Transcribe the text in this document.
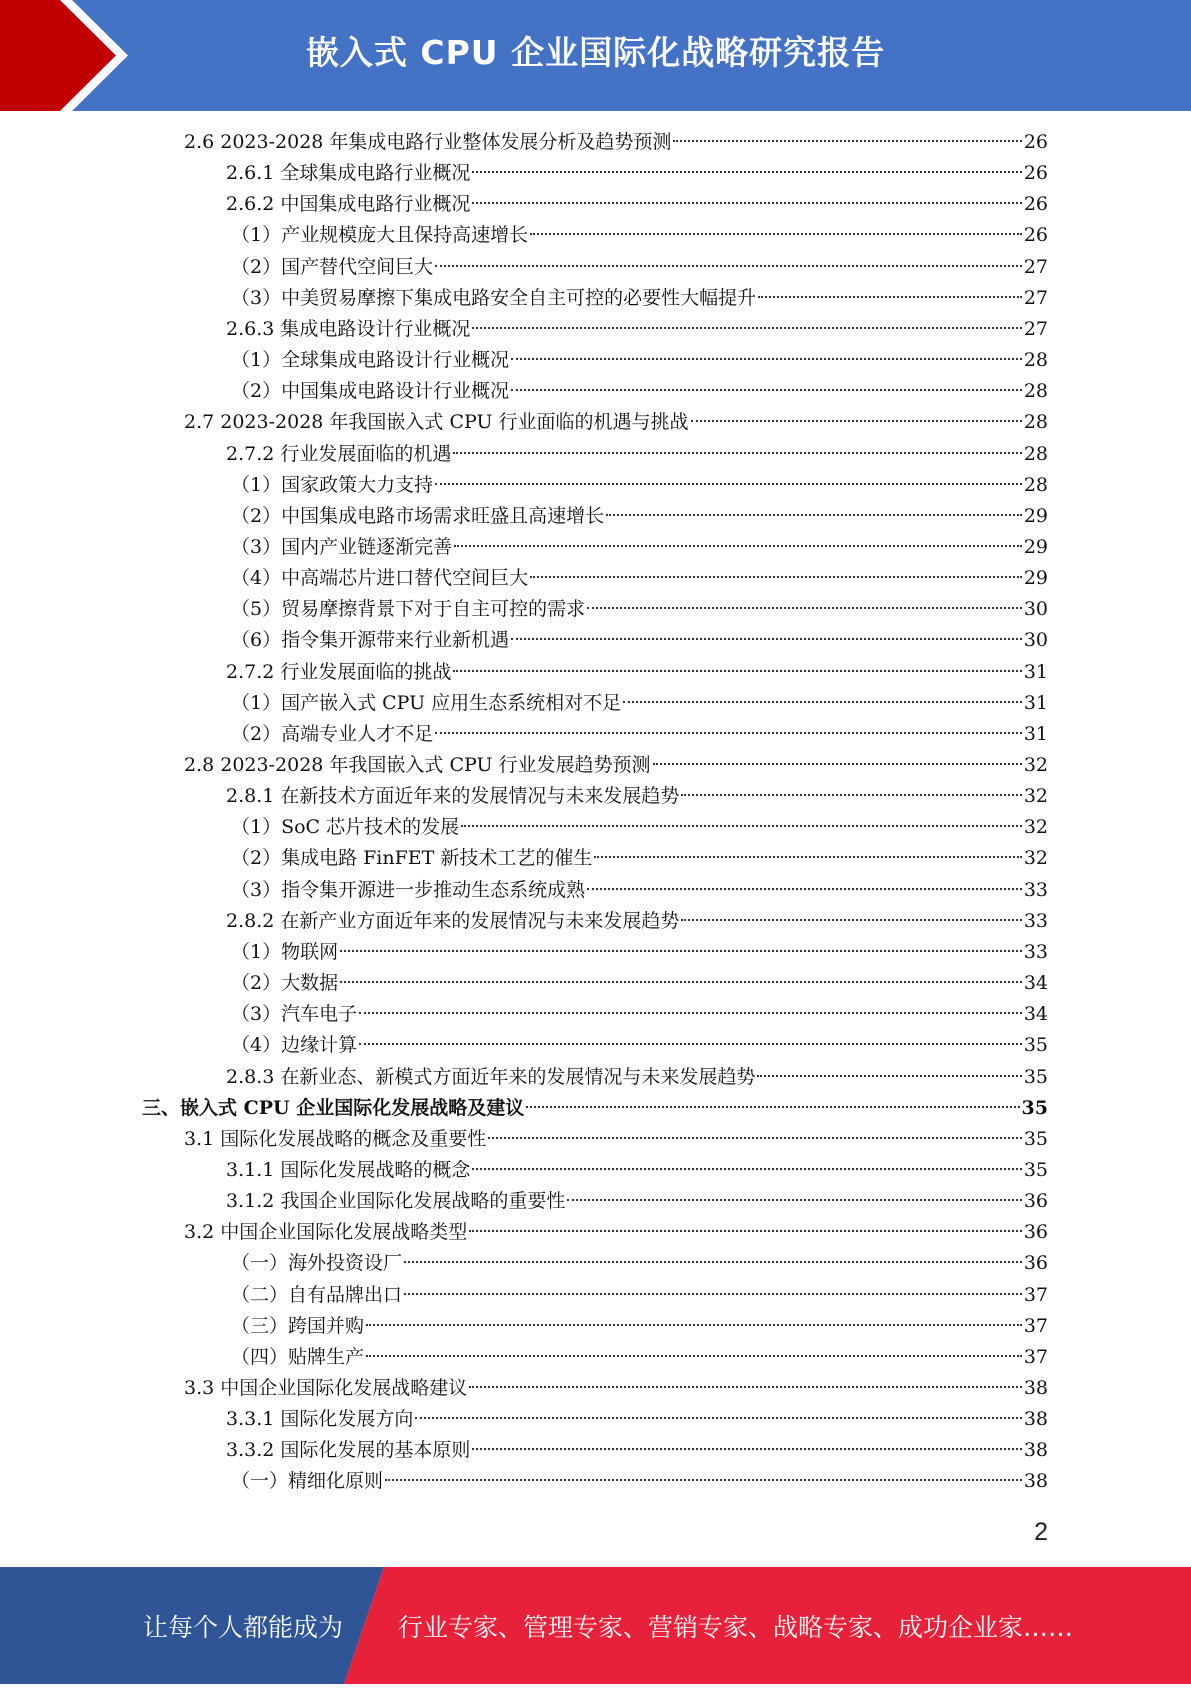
嵌入式 CPU 企业国际化战略研究报告
2.6 2023-2028 年集成电路行业整体发展分析及趋势预测	26
2.6.1 全球集成电路行业概况	26
2.6.2 中国集成电路行业概况	26
（1）产业规模庞大且保持高速增长	26
（2）国产替代空间巨大	27
（3）中美贸易摩擦下集成电路安全自主可控的必要性大幅提升	27
2.6.3 集成电路设计行业概况	27
（1）全球集成电路设计行业概况	28
（2）中国集成电路设计行业概况	28
2.7 2023-2028 年我国嵌入式 CPU 行业面临的机遇与挑战	28
2.7.2 行业发展面临的机遇	28
（1）国家政策大力支持	28
（2）中国集成电路市场需求旺盛且高速增长	29
（3）国内产业链逐渐完善	29
（4）中高端芯片进口替代空间巨大	29
（5）贸易摩擦背景下对于自主可控的需求	30
（6）指令集开源带来行业新机遇	30
2.7.2 行业发展面临的挑战	31
（1）国产嵌入式 CPU 应用生态系统相对不足	31
（2）高端专业人才不足	31
2.8 2023-2028 年我国嵌入式 CPU 行业发展趋势预测	32
2.8.1 在新技术方面近年来的发展情况与未来发展趋势	32
（1）SoC 芯片技术的发展	32
（2）集成电路 FinFET 新技术工艺的催生	32
（3）指令集开源进一步推动生态系统成熟	33
2.8.2 在新产业方面近年来的发展情况与未来发展趋势	33
（1）物联网	33
（2）大数据	34
（3）汽车电子	34
（4）边缘计算	35
2.8.3 在新业态、新模式方面近年来的发展情况与未来发展趋势	35
三、嵌入式 CPU 企业国际化发展战略及建议	35
3.1 国际化发展战略的概念及重要性	35
3.1.1 国际化发展战略的概念	35
3.1.2 我国企业国际化发展战略的重要性	36
3.2 中国企业国际化发展战略类型	36
（一）海外投资设厂	36
（二）自有品牌出口	37
（三）跨国并购	37
（四）贴牌生产	37
3.3 中国企业国际化发展战略建议	38
3.3.1 国际化发展方向	38
3.3.2 国际化发展的基本原则	38
（一）精细化原则	38
2
让每个人都能成为 行业专家、管理专家、营销专家、战略专家、成功企业家……
